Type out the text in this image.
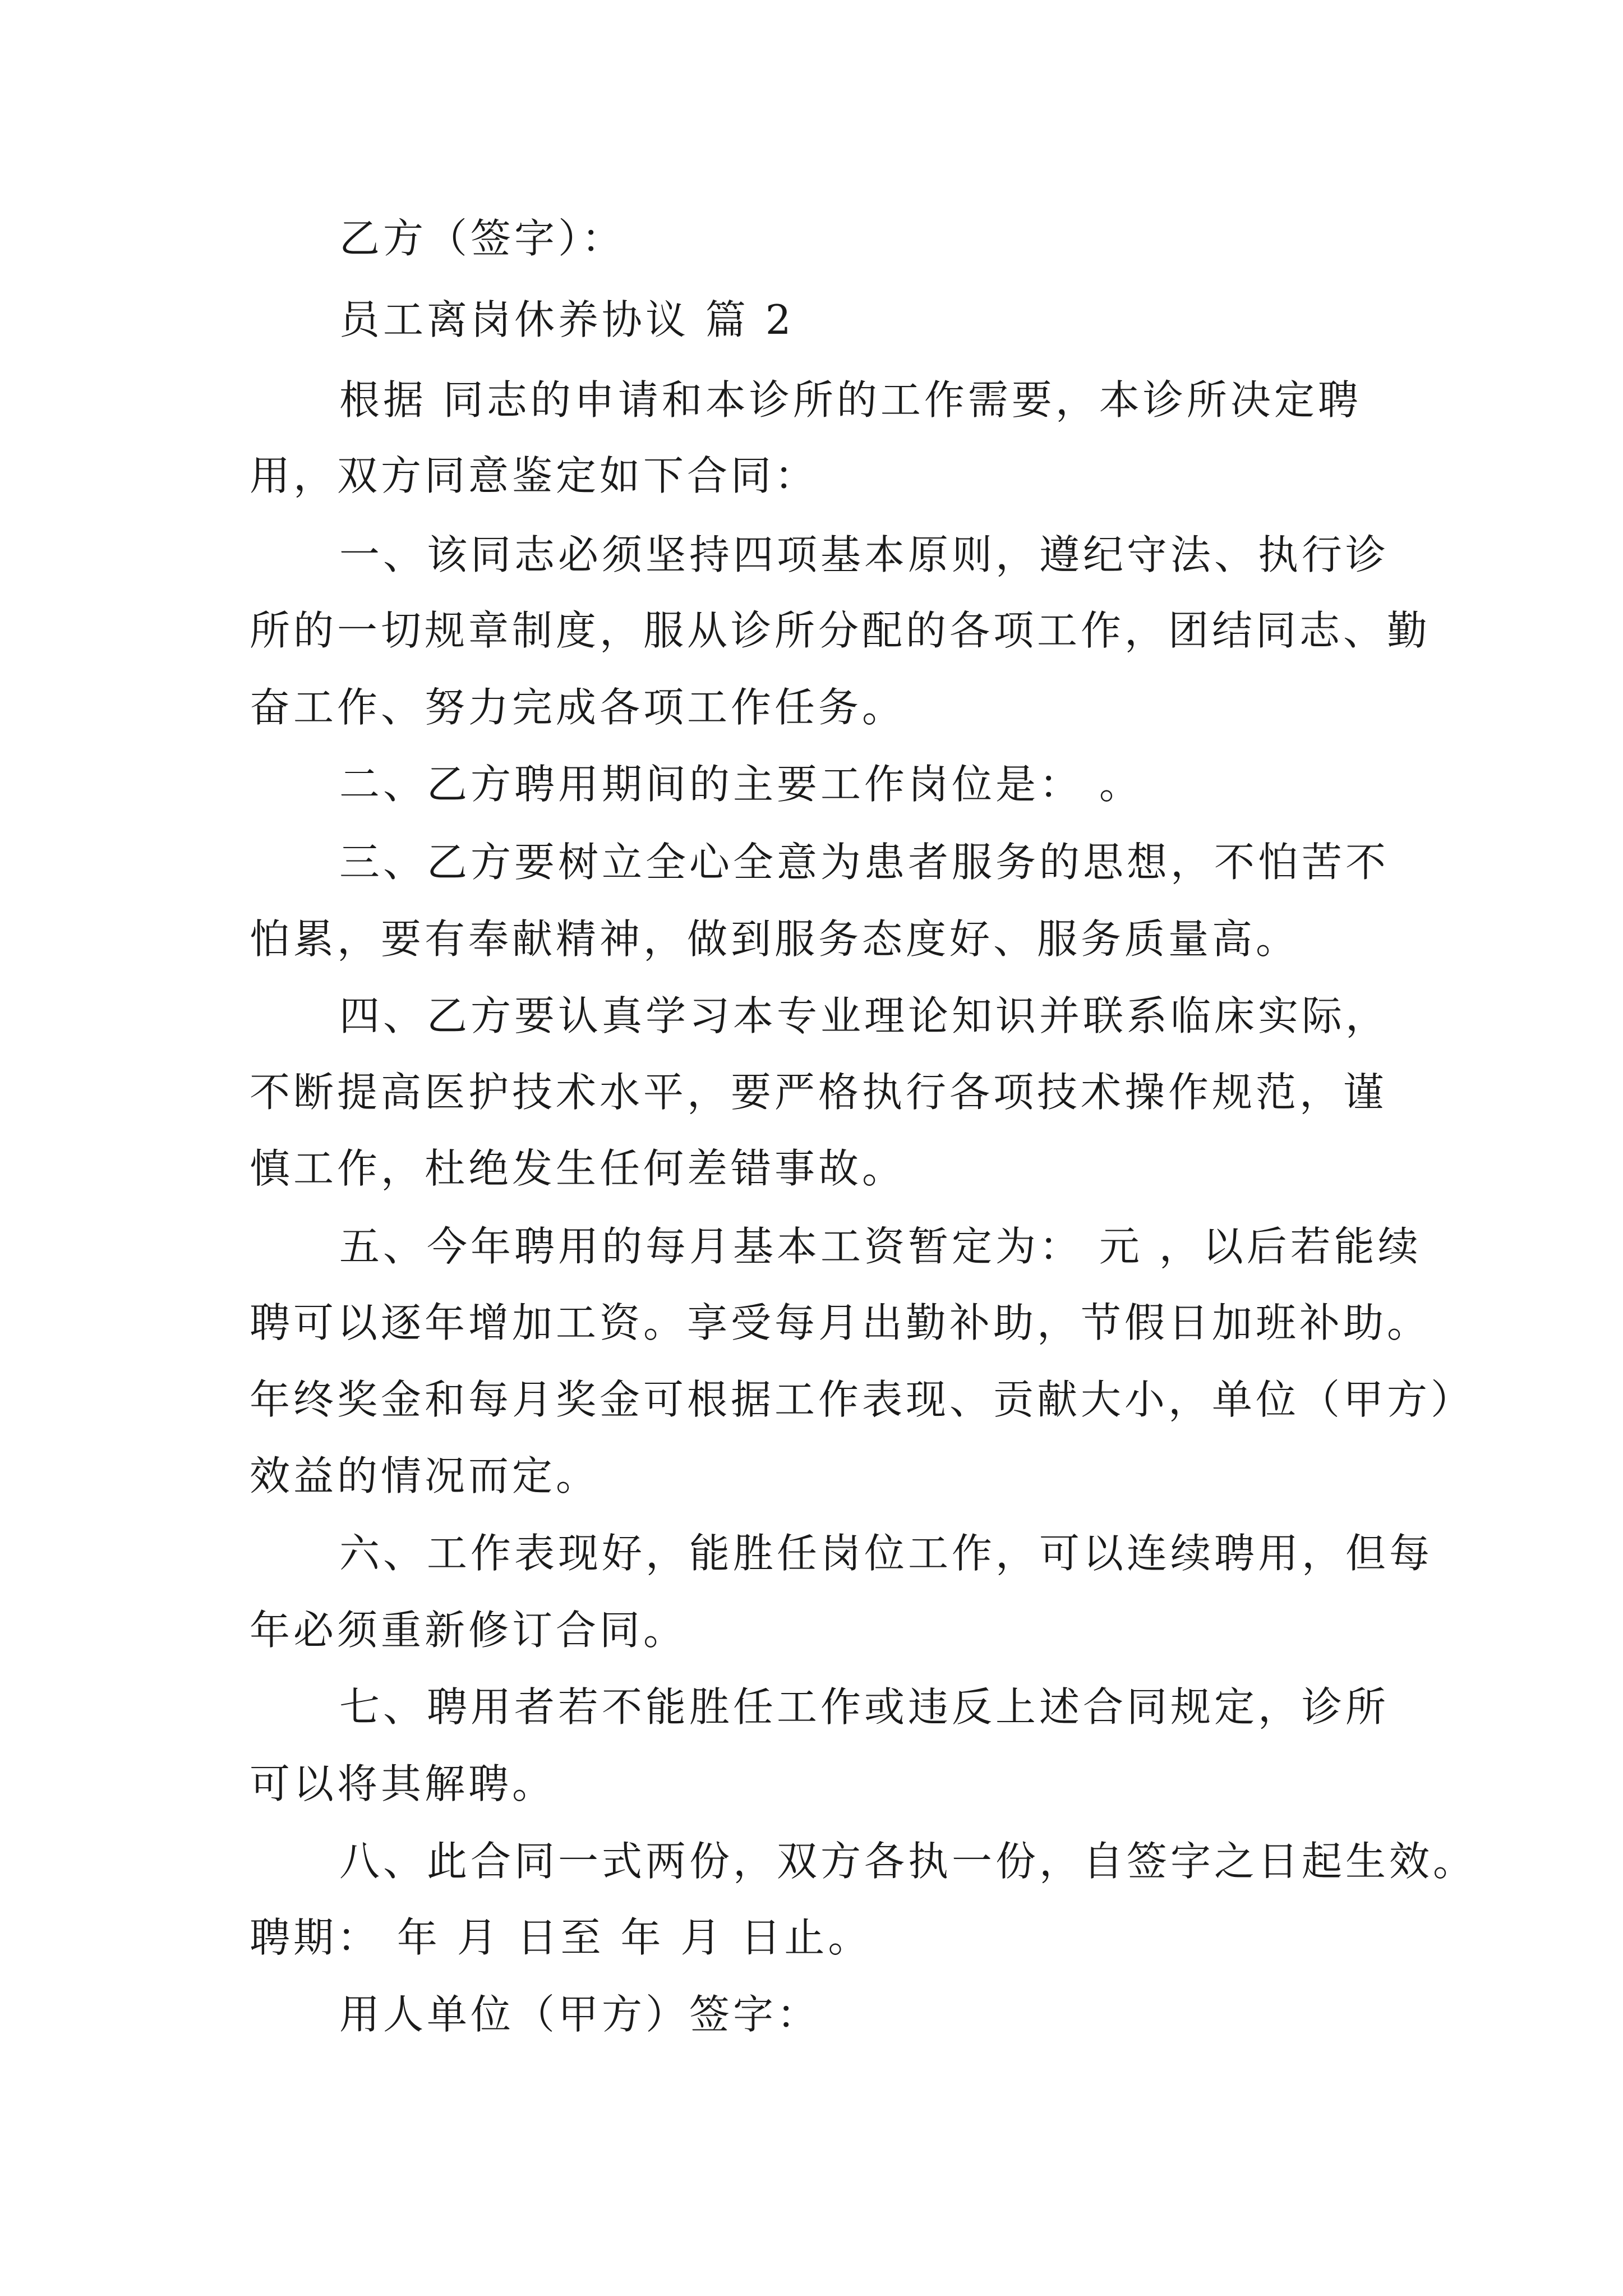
乙方（签字）：
员工离岗休养协议 篇 2
根据 同志的申请和本诊所的工作需要，本诊所决定聘
用，双方同意鉴定如下合同：
一、该同志必须坚持四项基本原则，遵纪守法、执行诊
所的一切规章制度，服从诊所分配的各项工作，团结同志、勤
奋工作、努力完成各项工作任务。
二、乙方聘用期间的主要工作岗位是： 。
三、乙方要树立全心全意为患者服务的思想，不怕苦不
怕累，要有奉献精神，做到服务态度好、服务质量高。
四、乙方要认真学习本专业理论知识并联系临床实际，
不断提高医护技术水平，要严格执行各项技术操作规范，谨
慎工作，杜绝发生任何差错事故。
五、今年聘用的每月基本工资暂定为： 元 ，以后若能续
聘可以逐年增加工资。享受每月出勤补助，节假日加班补助。
年终奖金和每月奖金可根据工作表现、贡献大小，单位（甲方）
效益的情况而定。
六、工作表现好，能胜任岗位工作，可以连续聘用，但每
年必须重新修订合同。
七、聘用者若不能胜任工作或违反上述合同规定，诊所
可以将其解聘。
八、此合同一式两份，双方各执一份，自签字之日起生效。
聘期： 年 月 日至 年 月 日止。
用人单位（甲方）签字：
